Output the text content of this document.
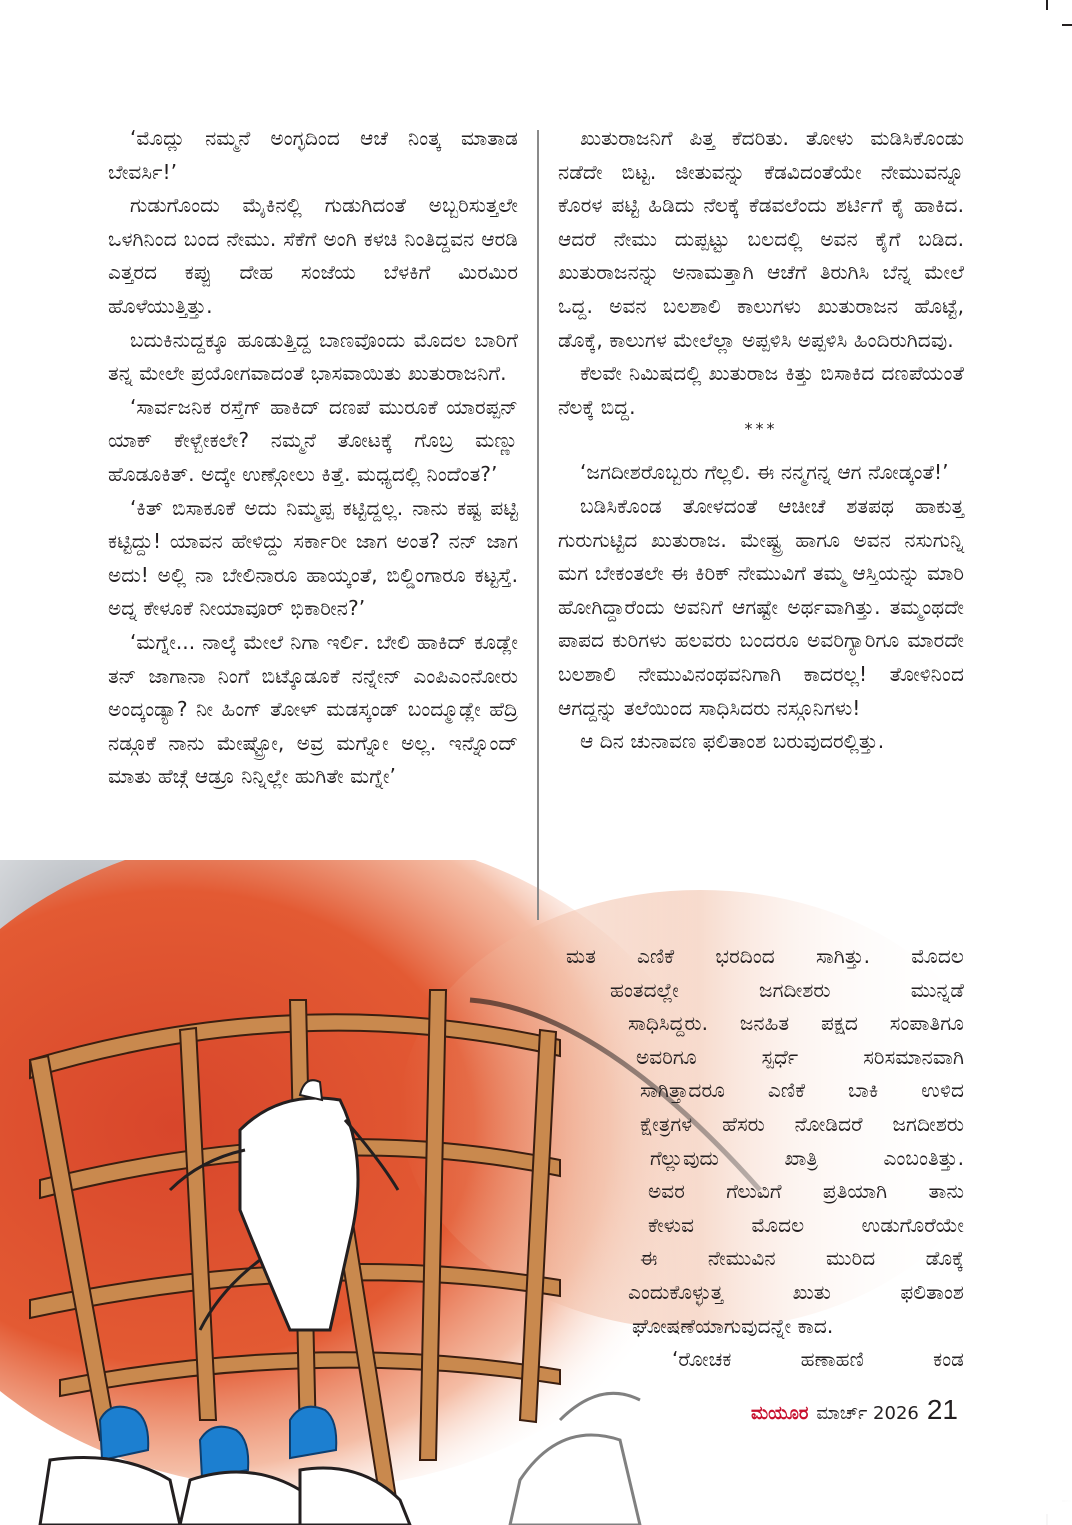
‘ಮೊದ್ಲು ನಮ್ಮನೆ ಅಂಗ್ಳದಿಂದ ಆಚೆ ನಿಂತ್ಕ ಮಾತಾಡ ಬೇವರ್ಸಿ!’

ಗುಡುಗೊಂದು ಮೈಕಿನಲ್ಲಿ ಗುಡುಗಿದಂತೆ ಅಬ್ಬರಿಸುತ್ತಲೇ ಒಳಗಿನಿಂದ ಬಂದ ನೇಮು. ಸೆಕೆಗೆ ಅಂಗಿ ಕಳಚಿ ನಿಂತಿದ್ದವನ ಆರಡಿ ಎತ್ತರದ ಕಪ್ಪು ದೇಹ ಸಂಜೆಯ ಬೆಳಕಿಗೆ ಮಿರಮಿರ ಹೊಳೆಯುತ್ತಿತ್ತು.

ಬದುಕಿನುದ್ದಕ್ಕೂ ಹೂಡುತ್ತಿದ್ದ ಬಾಣವೊಂದು ಮೊದಲ ಬಾರಿಗೆ ತನ್ನ ಮೇಲೇ ಪ್ರಯೋಗವಾದಂತೆ ಭಾಸವಾಯಿತು ಖುತುರಾಜನಿಗೆ.

‘ಸಾರ್ವಜನಿಕ ರಸ್ತೆಗ್ ಹಾಕಿದ್ ದಣಪೆ ಮುರೂಕೆ ಯಾರಪ್ಪನ್ ಯಾಕ್ ಕೇಳ್ಬೇಕಲೇ? ನಮ್ಮನೆ ತೋಟಕ್ಕೆ ಗೊಬ್ರ ಮಣ್ಣು ಹೊಡೂಕಿತ್. ಅದ್ಕೇ ಉಣ್ಗೋಲು ಕಿತ್ತೆ. ಮಧ್ಯದಲ್ಲಿ ನಿಂದೆಂತ?’

‘ಕಿತ್ ಬಿಸಾಕೂಕೆ ಅದು ನಿಮ್ಮಪ್ಪ ಕಟ್ಟಿದ್ದಲ್ಲ. ನಾನು ಕಷ್ಟ ಪಟ್ಟಿ ಕಟ್ಟಿದ್ದು! ಯಾವನ ಹೇಳಿದ್ದು ಸರ್ಕಾರೀ ಜಾಗ ಅಂತ? ನನ್ ಜಾಗ ಅದು! ಅಲ್ಲಿ ನಾ ಬೇಲಿನಾರೂ ಹಾಯ್ಕಂತೆ, ಬಿಲ್ಡಿಂಗಾರೂ ಕಟ್ಟಸ್ತೆ. ಅದ್ನ ಕೇಳೂಕೆ ನೀಯಾವೂರ್ ಭಿಕಾರೀನ?’

‘ಮಗ್ನೇ... ನಾಲ್ಕೆ ಮೇಲೆ ನಿಗಾ ಇರ್ಲಿ. ಬೇಲಿ ಹಾಕಿದ್ ಕೂಡ್ಲೇ ತನ್ ಜಾಗಾನಾ ನಿಂಗೆ ಬಿಟ್ಕೊಡೂಕೆ ನನ್ನೇನ್ ಎಂಪಿಎಂನೋರು ಅಂದ್ಕಂಡ್ಯಾ? ನೀ ಹಿಂಗ್ ತೋಳ್ ಮಡಸ್ಕಂಡ್ ಬಂದ್ಮೂಡ್ಲೇ ಹೆದ್ರಿ ನಡ್ಗೂಕೆ ನಾನು ಮೇಷ್ಟ್ರೋ, ಅವ್ರ ಮಗ್ನೋ ಅಲ್ಲ. ಇನ್ನೊಂದ್ ಮಾತು ಹೆಚ್ಗೆ ಆಡ್ರೂ ನಿನ್ನಿಲ್ಲೇ ಹುಗಿತೇ ಮಗ್ನೇ’

ಖುತುರಾಜನಿಗೆ ಪಿತ್ತ ಕೆದರಿತು. ತೋಳು ಮಡಿಸಿಕೊಂಡು ನಡೆದೇ ಬಿಟ್ಟ. ಜೀತುವನ್ನು ಕೆಡವಿದಂತೆಯೇ ನೇಮುವನ್ನೂ ಕೊರಳ ಪಟ್ಟಿ ಹಿಡಿದು ನೆಲಕ್ಕೆ ಕೆಡವಲೆಂದು ಶರ್ಟಿಗೆ ಕೈ ಹಾಕಿದ. ಆದರೆ ನೇಮು ದುಪ್ಪಟ್ಟು ಬಲದಲ್ಲಿ ಅವನ ಕೈಗೆ ಬಡಿದ. ಖುತುರಾಜನನ್ನು ಅನಾಮತ್ತಾಗಿ ಆಚೆಗೆ ತಿರುಗಿಸಿ ಬೆನ್ನ ಮೇಲೆ ಒದ್ದ. ಅವನ ಬಲಶಾಲಿ ಕಾಲುಗಳು ಖುತುರಾಜನ ಹೊಟ್ಟೆ, ಡೊಕ್ಕೆ, ಕಾಲುಗಳ ಮೇಲೆಲ್ಲಾ ಅಪ್ಪಳಿಸಿ ಅಪ್ಪಳಿಸಿ ಹಿಂದಿರುಗಿದವು.

ಕೆಲವೇ ನಿಮಿಷದಲ್ಲಿ ಖುತುರಾಜ ಕಿತ್ತು ಬಿಸಾಕಿದ ದಣಪೆಯಂತೆ ನೆಲಕ್ಕೆ ಬಿದ್ದ.

***

‘ಜಗದೀಶರೊಬ್ಬರು ಗೆಲ್ಲಲಿ. ಈ ನನ್ಮಗನ್ನ ಆಗ ನೋಡ್ಕಂತೆ!’

ಬಡಿಸಿಕೊಂಡ ತೋಳದಂತೆ ಆಚೀಚೆ ಶತಪಥ ಹಾಕುತ್ತ ಗುರುಗುಟ್ಟಿದ ಖುತುರಾಜ. ಮೇಷ್ಟ್ರ ಹಾಗೂ ಅವನ ನಸುಗುನ್ನಿ ಮಗ ಬೇಕಂತಲೇ ಈ ಕಿರಿಕ್ ನೇಮುವಿಗೆ ತಮ್ಮ ಆಸ್ತಿಯನ್ನು ಮಾರಿ ಹೋಗಿದ್ದಾರೆಂದು ಅವನಿಗೆ ಆಗಷ್ಟೇ ಅರ್ಥವಾಗಿತ್ತು. ತಮ್ಮಂಥದೇ ಪಾಪದ ಕುರಿಗಳು ಹಲವರು ಬಂದರೂ ಅವರಿಗ್ಯಾರಿಗೂ ಮಾರದೇ ಬಲಶಾಲಿ ನೇಮುವಿನಂಥವನಿಗಾಗಿ ಕಾದರಲ್ಲ! ತೋಳಿನಿಂದ ಆಗದ್ದನ್ನು ತಲೆಯಿಂದ ಸಾಧಿಸಿದರು ನಸ್ಗೂನಿಗಳು!

ಆ ದಿನ ಚುನಾವಣ ಫಲಿತಾಂಶ ಬರುವುದರಲ್ಲಿತ್ತು.

ಮತ ಎಣಿಕೆ ಭರದಿಂದ ಸಾಗಿತ್ತು. ಮೊದಲ
ಹಂತದಲ್ಲೇ ಜಗದೀಶರು ಮುನ್ನಡೆ
ಸಾಧಿಸಿದ್ದರು. ಜನಹಿತ ಪಕ್ಷದ ಸಂಪಾತಿಗೂ
ಅವರಿಗೂ ಸ್ಪರ್ಧೆ ಸರಿಸಮಾನವಾಗಿ
ಸಾಗಿತ್ತಾದರೂ ಎಣಿಕೆ ಬಾಕಿ ಉಳಿದ
ಕ್ಷೇತ್ರಗಳ ಹೆಸರು ನೋಡಿದರೆ ಜಗದೀಶರು
ಗೆಲ್ಲುವುದು ಖಾತ್ರಿ ಎಂಬಂತಿತ್ತು.
ಅವರ ಗೆಲುವಿಗೆ ಪ್ರತಿಯಾಗಿ ತಾನು
ಕೇಳುವ ಮೊದಲ ಉಡುಗೊರೆಯೇ
ಈ ನೇಮುವಿನ ಮುರಿದ ಡೊಕ್ಕೆ
ಎಂದುಕೊಳ್ಳುತ್ತ ಖುತು ಫಲಿತಾಂಶ
ಘೋಷಣೆಯಾಗುವುದನ್ನೇ ಕಾದ.
‘ರೋಚಕ ಹಣಾಹಣಿ ಕಂಡ
ಮಯೂರ ಮಾರ್ಚ್ 2026 21
